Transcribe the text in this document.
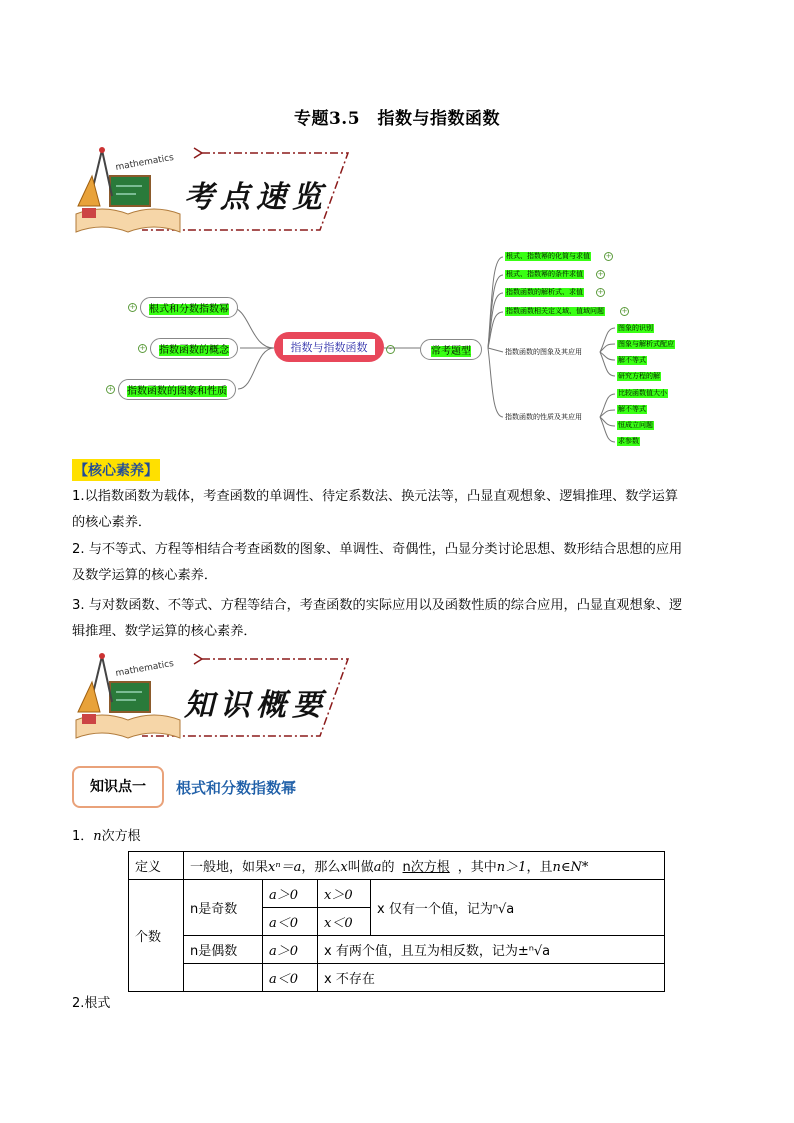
专题3.5　指数与指数函数
mathematics
考点速览
指数与指数函数
根式和分数指数幂
+
指数函数的概念
+
指数函数的图象和性质
+
常考题型
-
根式、指数幂的化简与求值 +
根式、指数幂的条件求值 +
指数函数的解析式、求值 +
指数函数相关定义域、值域问题	+
指数函数的图象及其应用
指数函数的性质及其应用
图象的识别
图象与解析式配应
解不等式
研究方程的解
比较函数值大小
解不等式
恒成立问题
求参数
【核心素养】
1.以指数函数为载体，考查函数的单调性、待定系数法、换元法等，凸显直观想象、逻辑推理、数学运算
的核心素养．
2. 与不等式、方程等相结合考查函数的图象、单调性、奇偶性，凸显分类讨论思想、数形结合思想的应用
及数学运算的核心素养．
3. 与对数函数、不等式、方程等结合，考查函数的实际应用以及函数性质的综合应用，凸显直观想象、逻
辑推理、数学运算的核心素养．
mathematics
知识概要
知识点一	根式和分数指数幂
1．n次方根
定义	一般地，如果xⁿ＝a，那么x叫做a的 n次方根 ，其中n＞1，且n∈N*			
个数	n是奇数	a＞0	x＞0	x 仅有一个值，记为ⁿ√a
		a＜0	x＜0	
	n是偶数	a＞0	x 有两个值，且互为相反数，记为±ⁿ√a	
		a＜0	x 不存在	
2.根式
